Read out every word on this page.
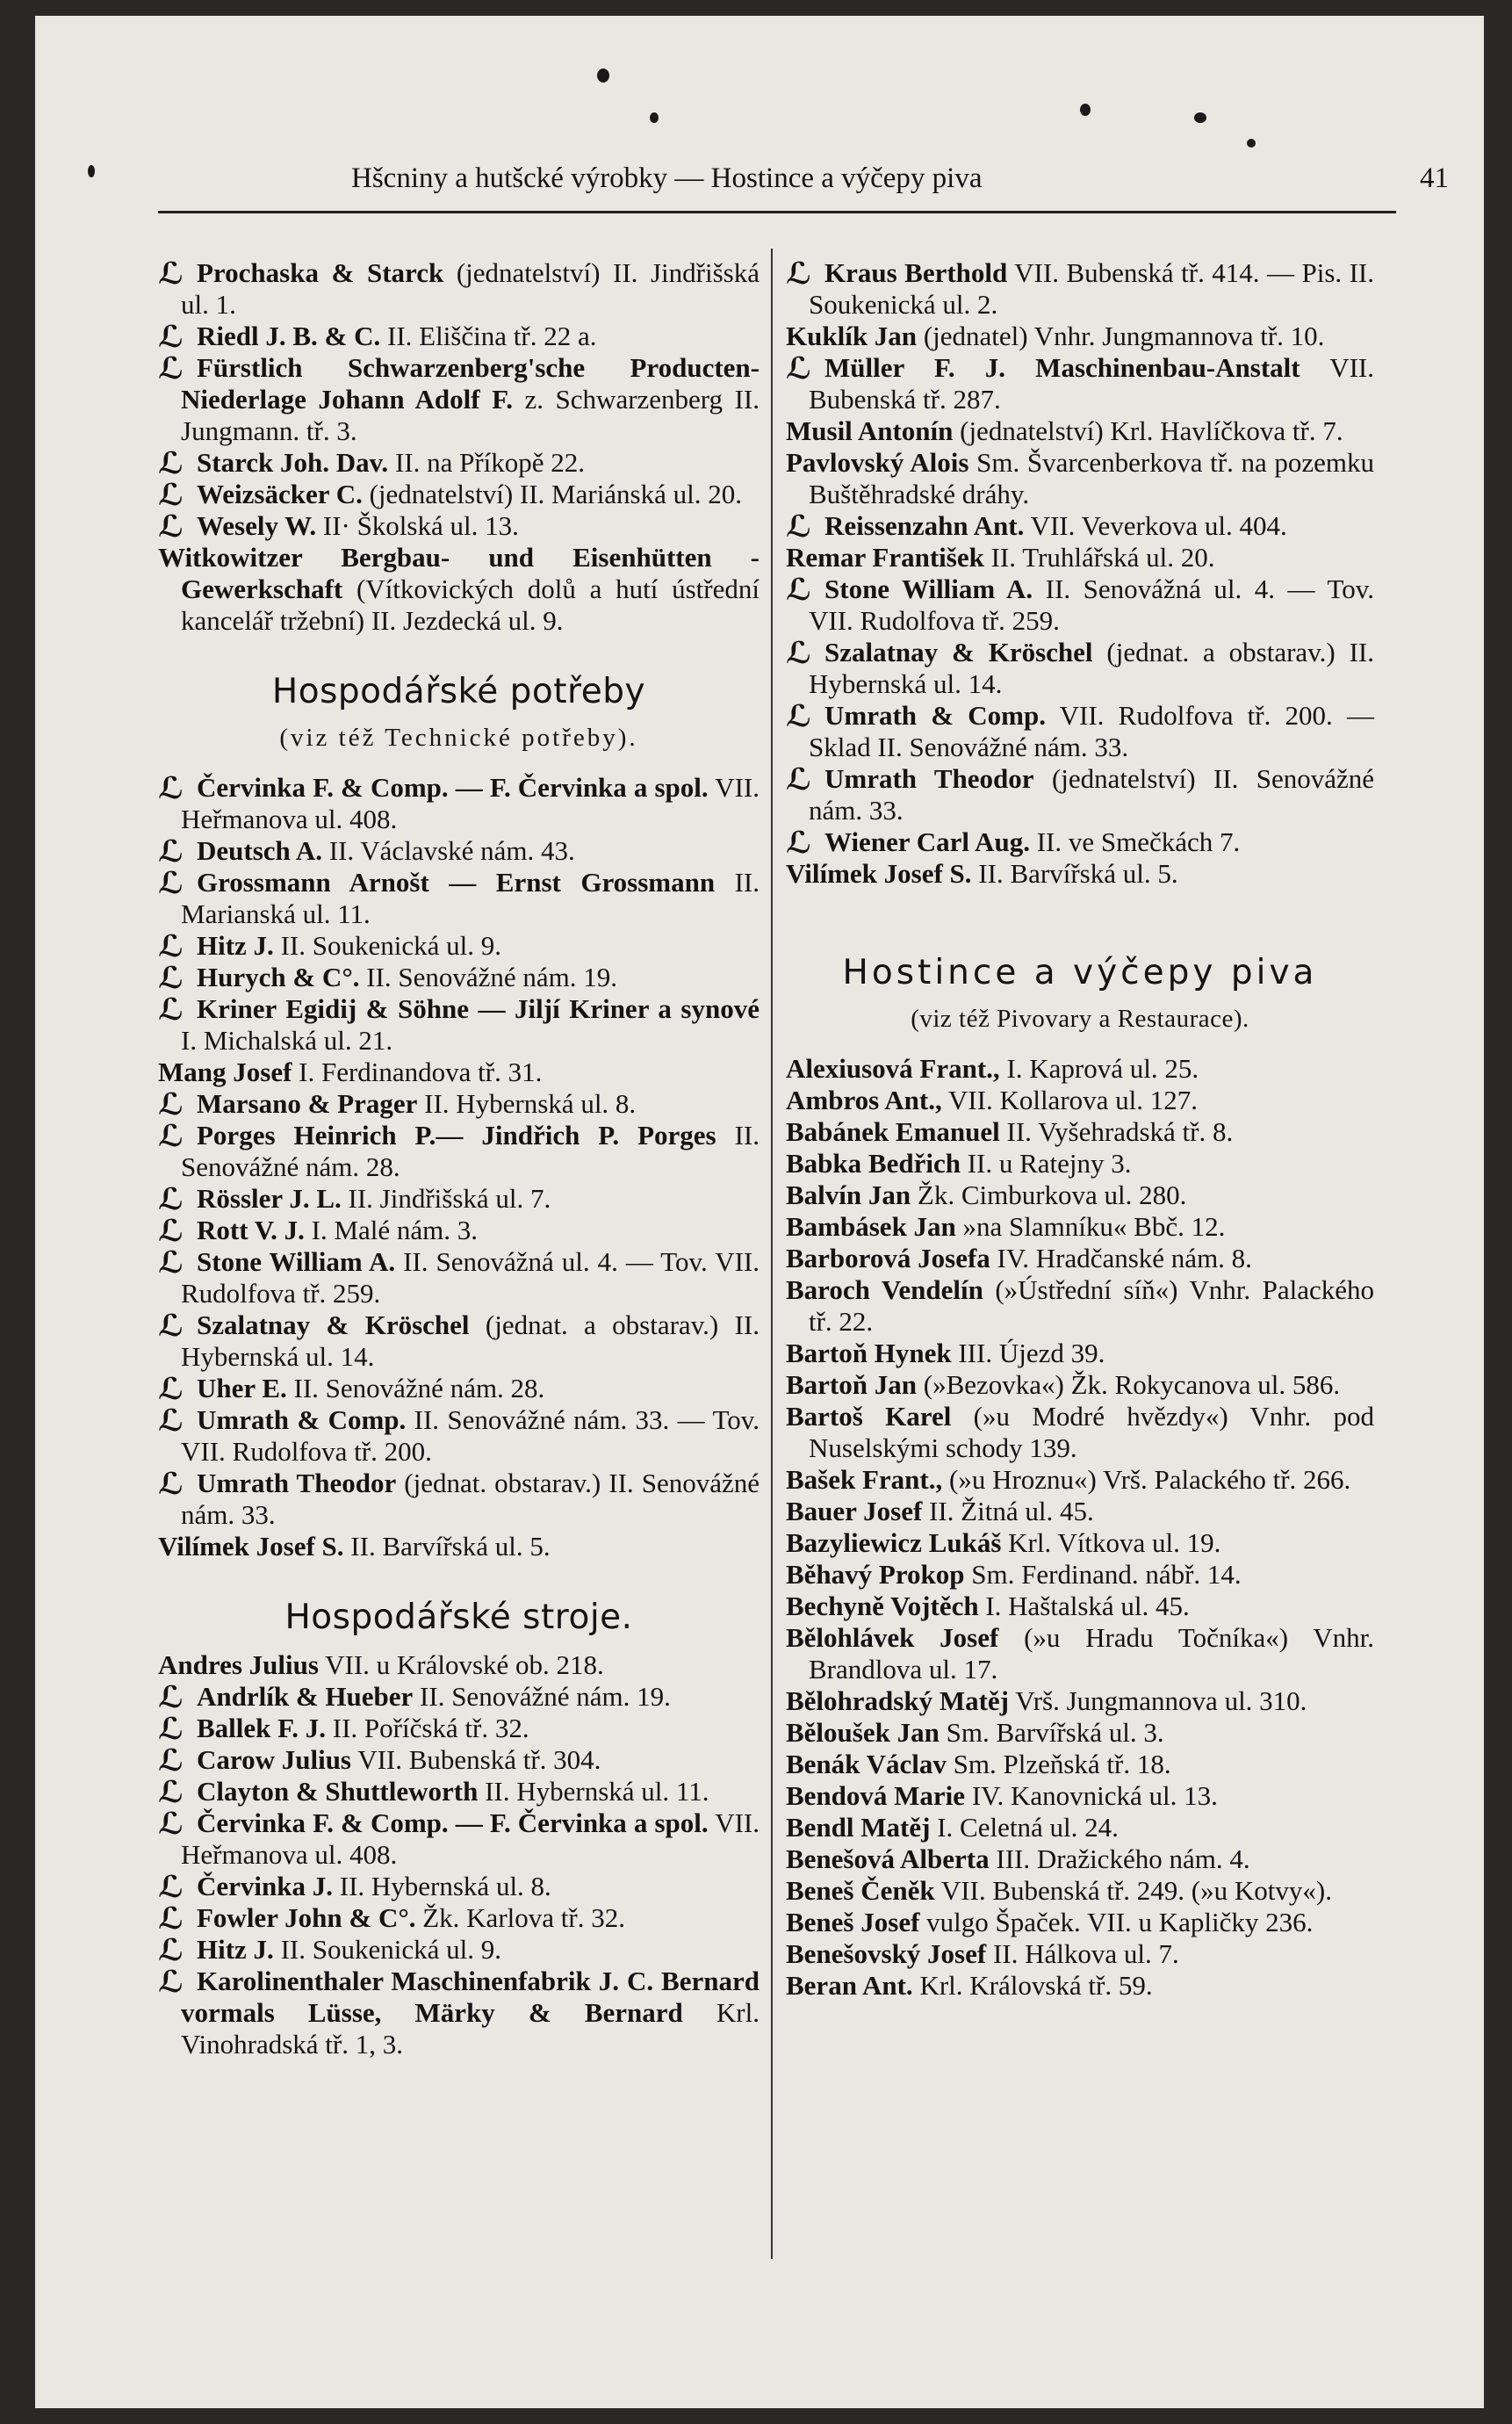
Hšcniny a hutšcké výrobky — Hostince a výčepy piva	41
ℒ Prochaska & Starck (jednatelství) II. Jindřišská ul. 1.
ℒ Riedl J. B. & C. II. Eliščina tř. 22 a.
ℒ Fürstlich Schwarzenberg'sche Producten-Niederlage Johann Adolf F. z. Schwarzenberg II. Jungmann. tř. 3.
ℒ Starck Joh. Dav. II. na Příkopě 22.
ℒ Weizsäcker C. (jednatelství) II. Mariánská ul. 20.
ℒ Wesely W. II· Školská ul. 13.
Witkowitzer Bergbau- und Eisenhütten - Gewerkschaft (Vítkovických dolů a hutí ústřední kancelář tržební) II. Jezdecká ul. 9.
Hospodářské potřeby
(viz též Technické potřeby).
ℒ Červinka F. & Comp. — F. Červinka a spol. VII. Heřmanova ul. 408.
ℒ Deutsch A. II. Václavské nám. 43.
ℒ Grossmann Arnošt — Ernst Grossmann II. Marianská ul. 11.
ℒ Hitz J. II. Soukenická ul. 9.
ℒ Hurych & C°. II. Senovážné nám. 19.
ℒ Kriner Egidij & Söhne — Jiljí Kriner a synové I. Michalská ul. 21.
Mang Josef I. Ferdinandova tř. 31.
ℒ Marsano & Prager II. Hybernská ul. 8.
ℒ Porges Heinrich P.— Jindřich P. Porges II. Senovážné nám. 28.
ℒ Rössler J. L. II. Jindřišská ul. 7.
ℒ Rott V. J. I. Malé nám. 3.
ℒ Stone William A. II. Senovážná ul. 4. — Tov. VII. Rudolfova tř. 259.
ℒ Szalatnay & Kröschel (jednat. a obstarav.) II. Hybernská ul. 14.
ℒ Uher E. II. Senovážné nám. 28.
ℒ Umrath & Comp. II. Senovážné nám. 33. — Tov. VII. Rudolfova tř. 200.
ℒ Umrath Theodor (jednat. obstarav.) II. Senovážné nám. 33.
Vilímek Josef S. II. Barvířská ul. 5.
Hospodářské stroje.
Andres Julius VII. u Královské ob. 218.
ℒ Andrlík & Hueber II. Senovážné nám. 19.
ℒ Ballek F. J. II. Poříčská tř. 32.
ℒ Carow Julius VII. Bubenská tř. 304.
ℒ Clayton & Shuttleworth II. Hybernská ul. 11.
ℒ Červinka F. & Comp. — F. Červinka a spol. VII. Heřmanova ul. 408.
ℒ Červinka J. II. Hybernská ul. 8.
ℒ Fowler John & C°. Žk. Karlova tř. 32.
ℒ Hitz J. II. Soukenická ul. 9.
ℒ Karolinenthaler Maschinenfabrik J. C. Bernard vormals Lüsse, Märky & Bernard Krl. Vinohradská tř. 1, 3.
ℒ Kraus Berthold VII. Bubenská tř. 414. — Pis. II. Soukenická ul. 2.
Kuklík Jan (jednatel) Vnhr. Jungmannova tř. 10.
ℒ Müller F. J. Maschinenbau-Anstalt VII. Bubenská tř. 287.
Musil Antonín (jednatelství) Krl. Havlíčkova tř. 7.
Pavlovský Alois Sm. Švarcenberkova tř. na pozemku Buštěhradské dráhy.
ℒ Reissenzahn Ant. VII. Veverkova ul. 404.
Remar František II. Truhlářská ul. 20.
ℒ Stone William A. II. Senovážná ul. 4. — Tov. VII. Rudolfova tř. 259.
ℒ Szalatnay & Kröschel (jednat. a obstarav.) II. Hybernská ul. 14.
ℒ Umrath & Comp. VII. Rudolfova tř. 200. — Sklad II. Senovážné nám. 33.
ℒ Umrath Theodor (jednatelství) II. Senovážné nám. 33.
ℒ Wiener Carl Aug. II. ve Smečkách 7.
Vilímek Josef S. II. Barvířská ul. 5.
Hostince a výčepy piva
(viz též Pivovary a Restaurace).
Alexiusová Frant., I. Kaprová ul. 25.
Ambros Ant., VII. Kollarova ul. 127.
Babánek Emanuel II. Vyšehradská tř. 8.
Babka Bedřich II. u Ratejny 3.
Balvín Jan Žk. Cimburkova ul. 280.
Bambásek Jan »na Slamníku« Bbč. 12.
Barborová Josefa IV. Hradčanské nám. 8.
Baroch Vendelín (»Ústřední síň«) Vnhr. Palackého tř. 22.
Bartoň Hynek III. Újezd 39.
Bartoň Jan (»Bezovka«) Žk. Rokycanova ul. 586.
Bartoš Karel (»u Modré hvězdy«) Vnhr. pod Nuselskými schody 139.
Bašek Frant., (»u Hroznu«) Vrš. Palackého tř. 266.
Bauer Josef II. Žitná ul. 45.
Bazyliewicz Lukáš Krl. Vítkova ul. 19.
Běhavý Prokop Sm. Ferdinand. nábř. 14.
Bechyně Vojtěch I. Haštalská ul. 45.
Bělohlávek Josef (»u Hradu Točníka«) Vnhr. Brandlova ul. 17.
Bělohradský Matěj Vrš. Jungmannova ul. 310.
Běloušek Jan Sm. Barvířská ul. 3.
Benák Václav Sm. Plzeňská tř. 18.
Bendová Marie IV. Kanovnická ul. 13.
Bendl Matěj I. Celetná ul. 24.
Benešová Alberta III. Dražického nám. 4.
Beneš Čeněk VII. Bubenská tř. 249. (»u Kotvy«).
Beneš Josef vulgo Špaček. VII. u Kapličky 236.
Benešovský Josef II. Hálkova ul. 7.
Beran Ant. Krl. Královská tř. 59.
